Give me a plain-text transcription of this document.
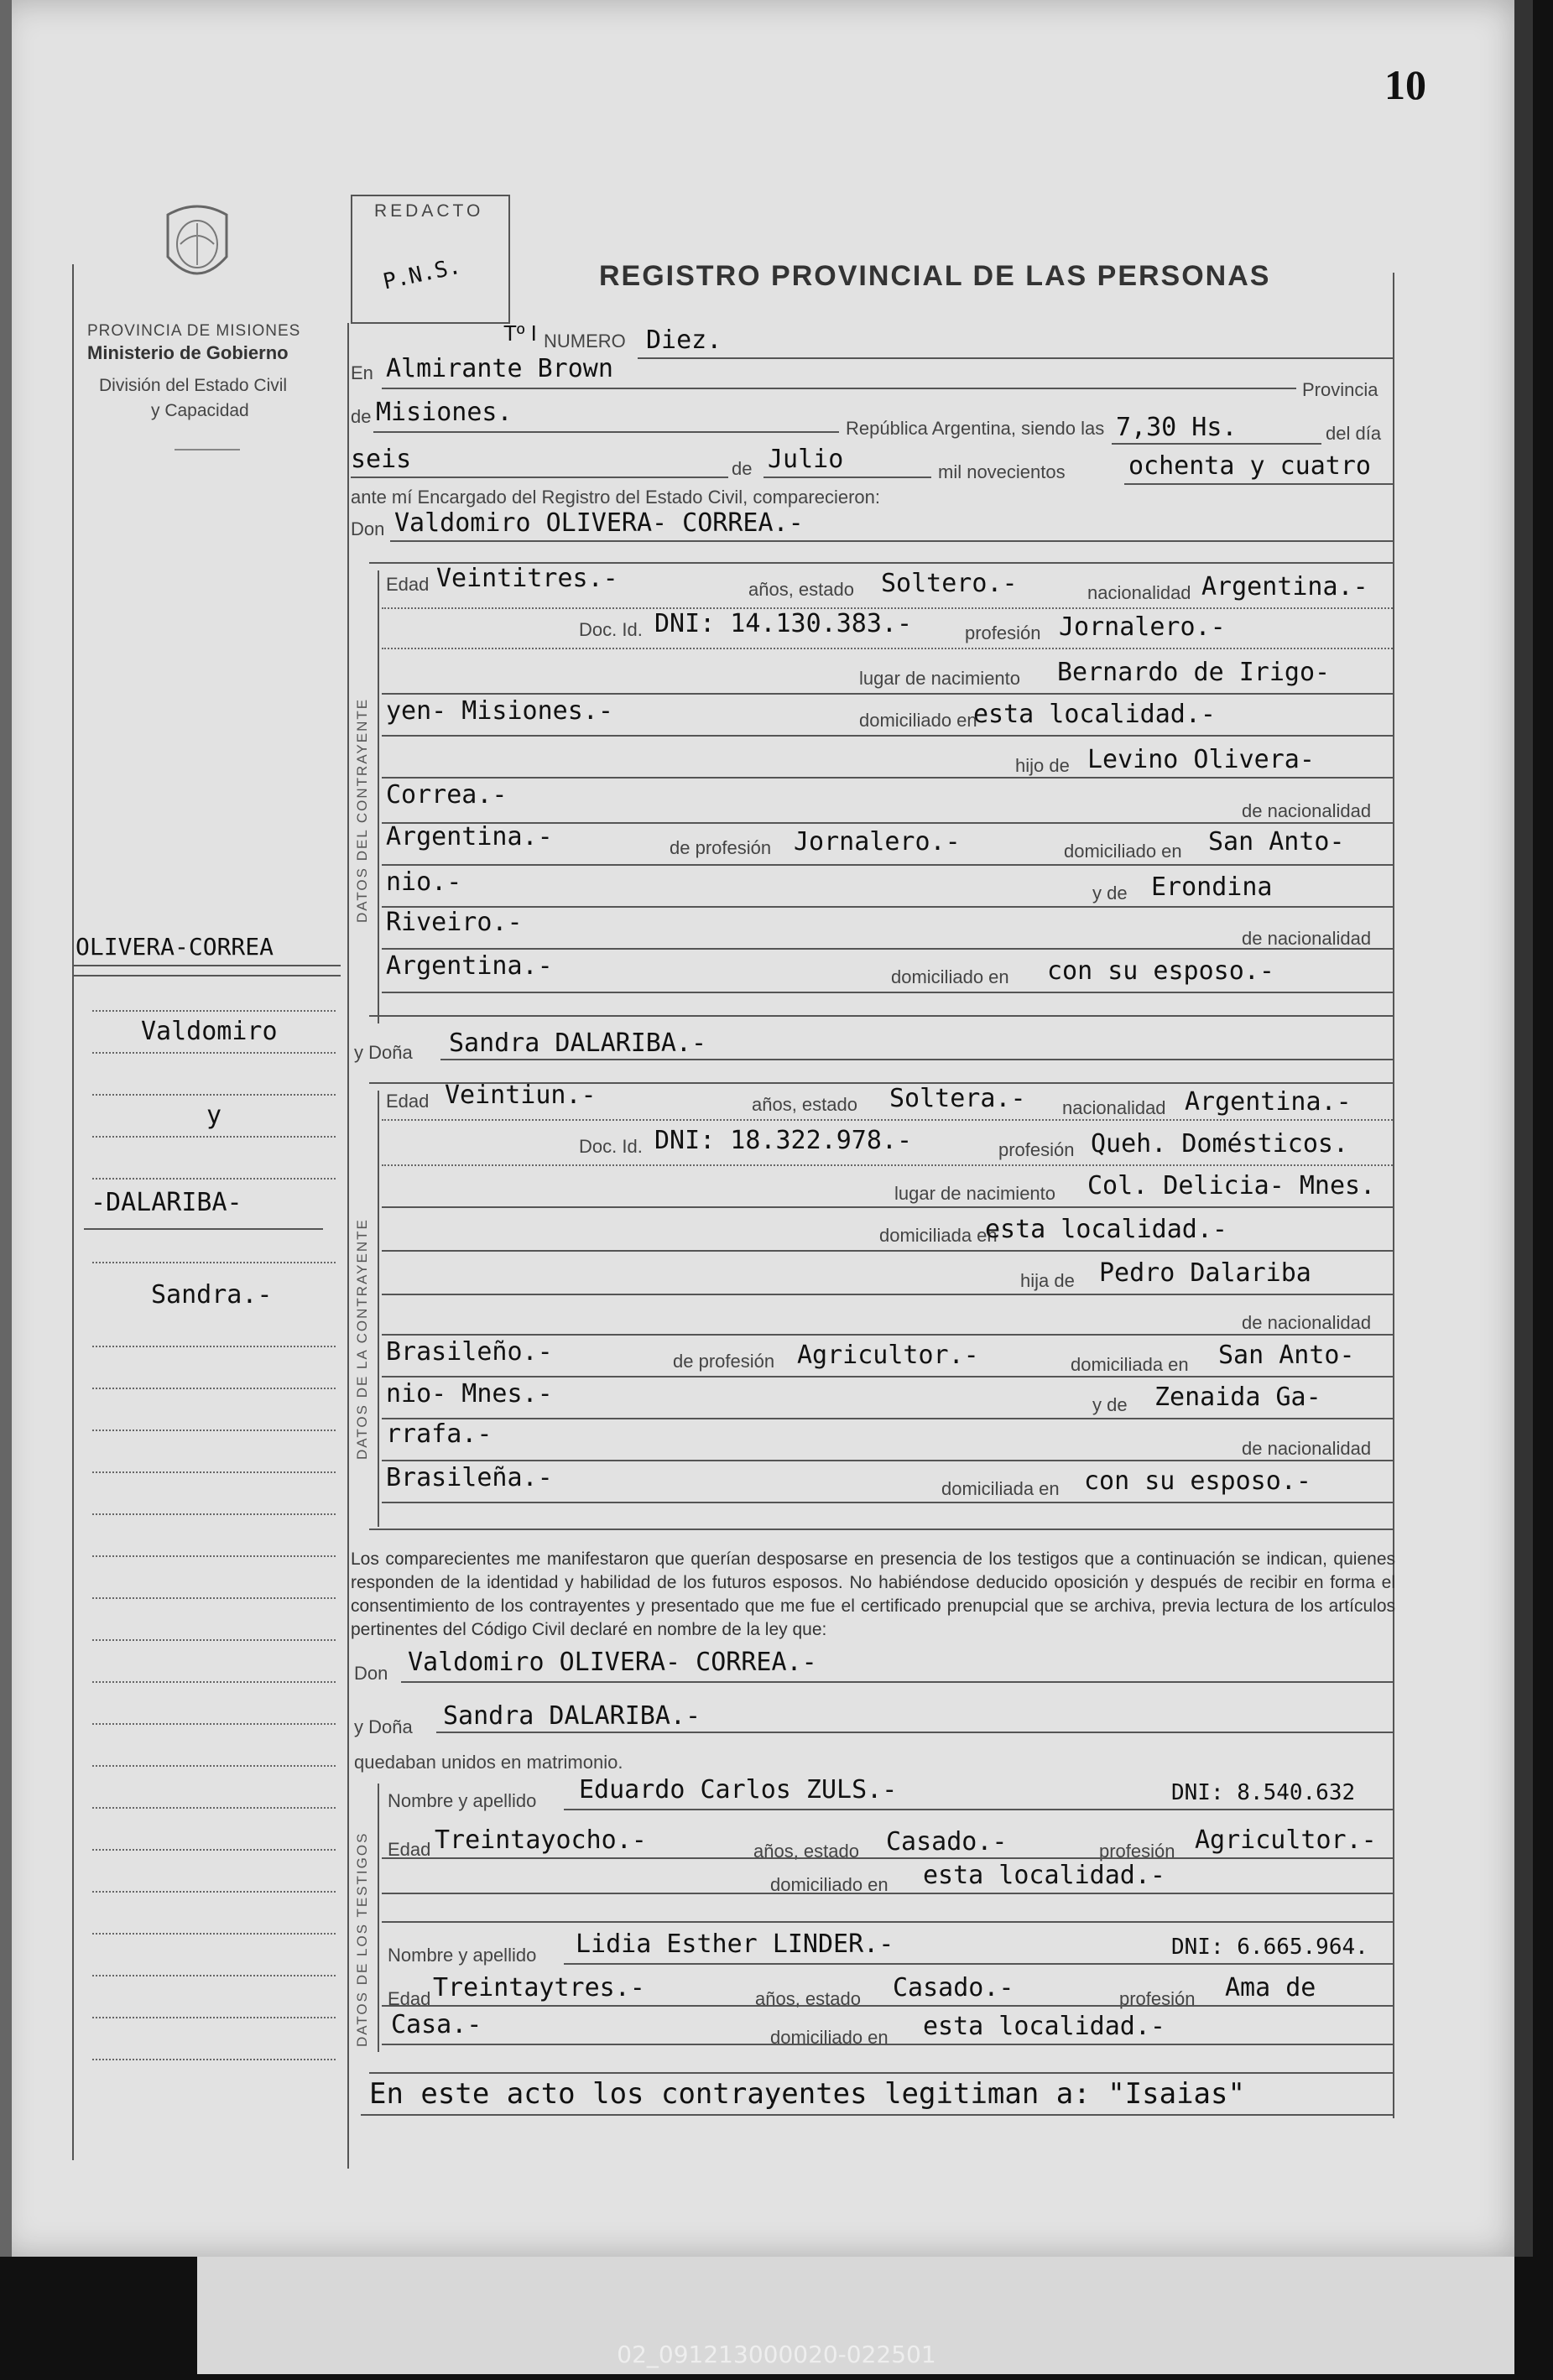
10
PROVINCIA DE MISIONES
Ministerio de Gobierno
División del Estado Civil
y Capacidad
REDACTO
P.N.S.	REGISTRO PROVINCIAL DE LAS PERSONAS
Tº I NUMERO Diez.
En Almirante Brown
Provincia
de Misiones.
República Argentina, siendo las 7,30 Hs.	del día
seis	de Julio	mil novecientos	ochenta y cuatro
ante mí Encargado del Registro del Estado Civil, comparecieron:
Don Valdomiro OLIVERA- CORREA.-
DATOS DEL CONTRAYENTE
Edad Veintitres.-	años, estado Soltero.-	nacionalidad Argentina.-
Doc. Id. DNI: 14.130.383.-	profesión Jornalero.-
lugar de nacimiento Bernardo de Irigo-
yen- Misiones.-	domiciliado en
esta localidad.-
hijo de Levino Olivera-
Correa.-
de nacionalidad
Argentina.-	de profesión Jornalero.-	domiciliado en San Anto-
nio.-	y de Erondina
Riveiro.-
de nacionalidad
Argentina.-	domiciliado en con su esposo.-
y Doña Sandra DALARIBA.-
DATOS DE LA CONTRAYENTE
Edad Veintiun.-	años, estado Soltera.- nacionalidad Argentina.-
Doc. Id. DNI: 18.322.978.-	profesión Queh. Domésticos.
lugar de nacimiento Col. Delicia- Mnes.
domiciliada en
esta localidad.-
hija de Pedro Dalariba
de nacionalidad
Brasileño.-	de profesión Agricultor.-	domiciliada en San Anto-
nio- Mnes.-	y de Zenaida Ga-
rrafa.-	de nacionalidad
Brasileña.-	domiciliada en con su esposo.-
Los comparecientes me manifestaron que querían desposarse en presencia de los testigos que a continuación se indican, quienes responden de la identidad y habilidad de los futuros esposos. No habiéndose deducido oposición y después de recibir en forma el consentimiento de los contrayentes y presentado que me fue el certificado prenupcial que se archiva, previa lectura de los artículos pertinentes del Código Civil declaré en nombre de la ley que:
Don Valdomiro OLIVERA- CORREA.-
y Doña Sandra DALARIBA.-
quedaban unidos en matrimonio.
DATOS DE LOS TESTIGOS
Nombre y apellido Eduardo Carlos ZULS.-	DNI: 8.540.632
Edad Treintayocho.-	años, estado Casado.-	profesión Agricultor.-
domiciliado en esta localidad.-
Nombre y apellido Lidia Esther LINDER.-	DNI: 6.665.964.
Edad Treintaytres.-	años, estado Casado.-	profesión Ama de
Casa.-	domiciliado en esta localidad.-
En este acto los contrayentes legitiman a: "Isaias"
OLIVERA-CORREA
Valdomiro
y
-DALARIBA-
Sandra.-
02_091213000020-022501
